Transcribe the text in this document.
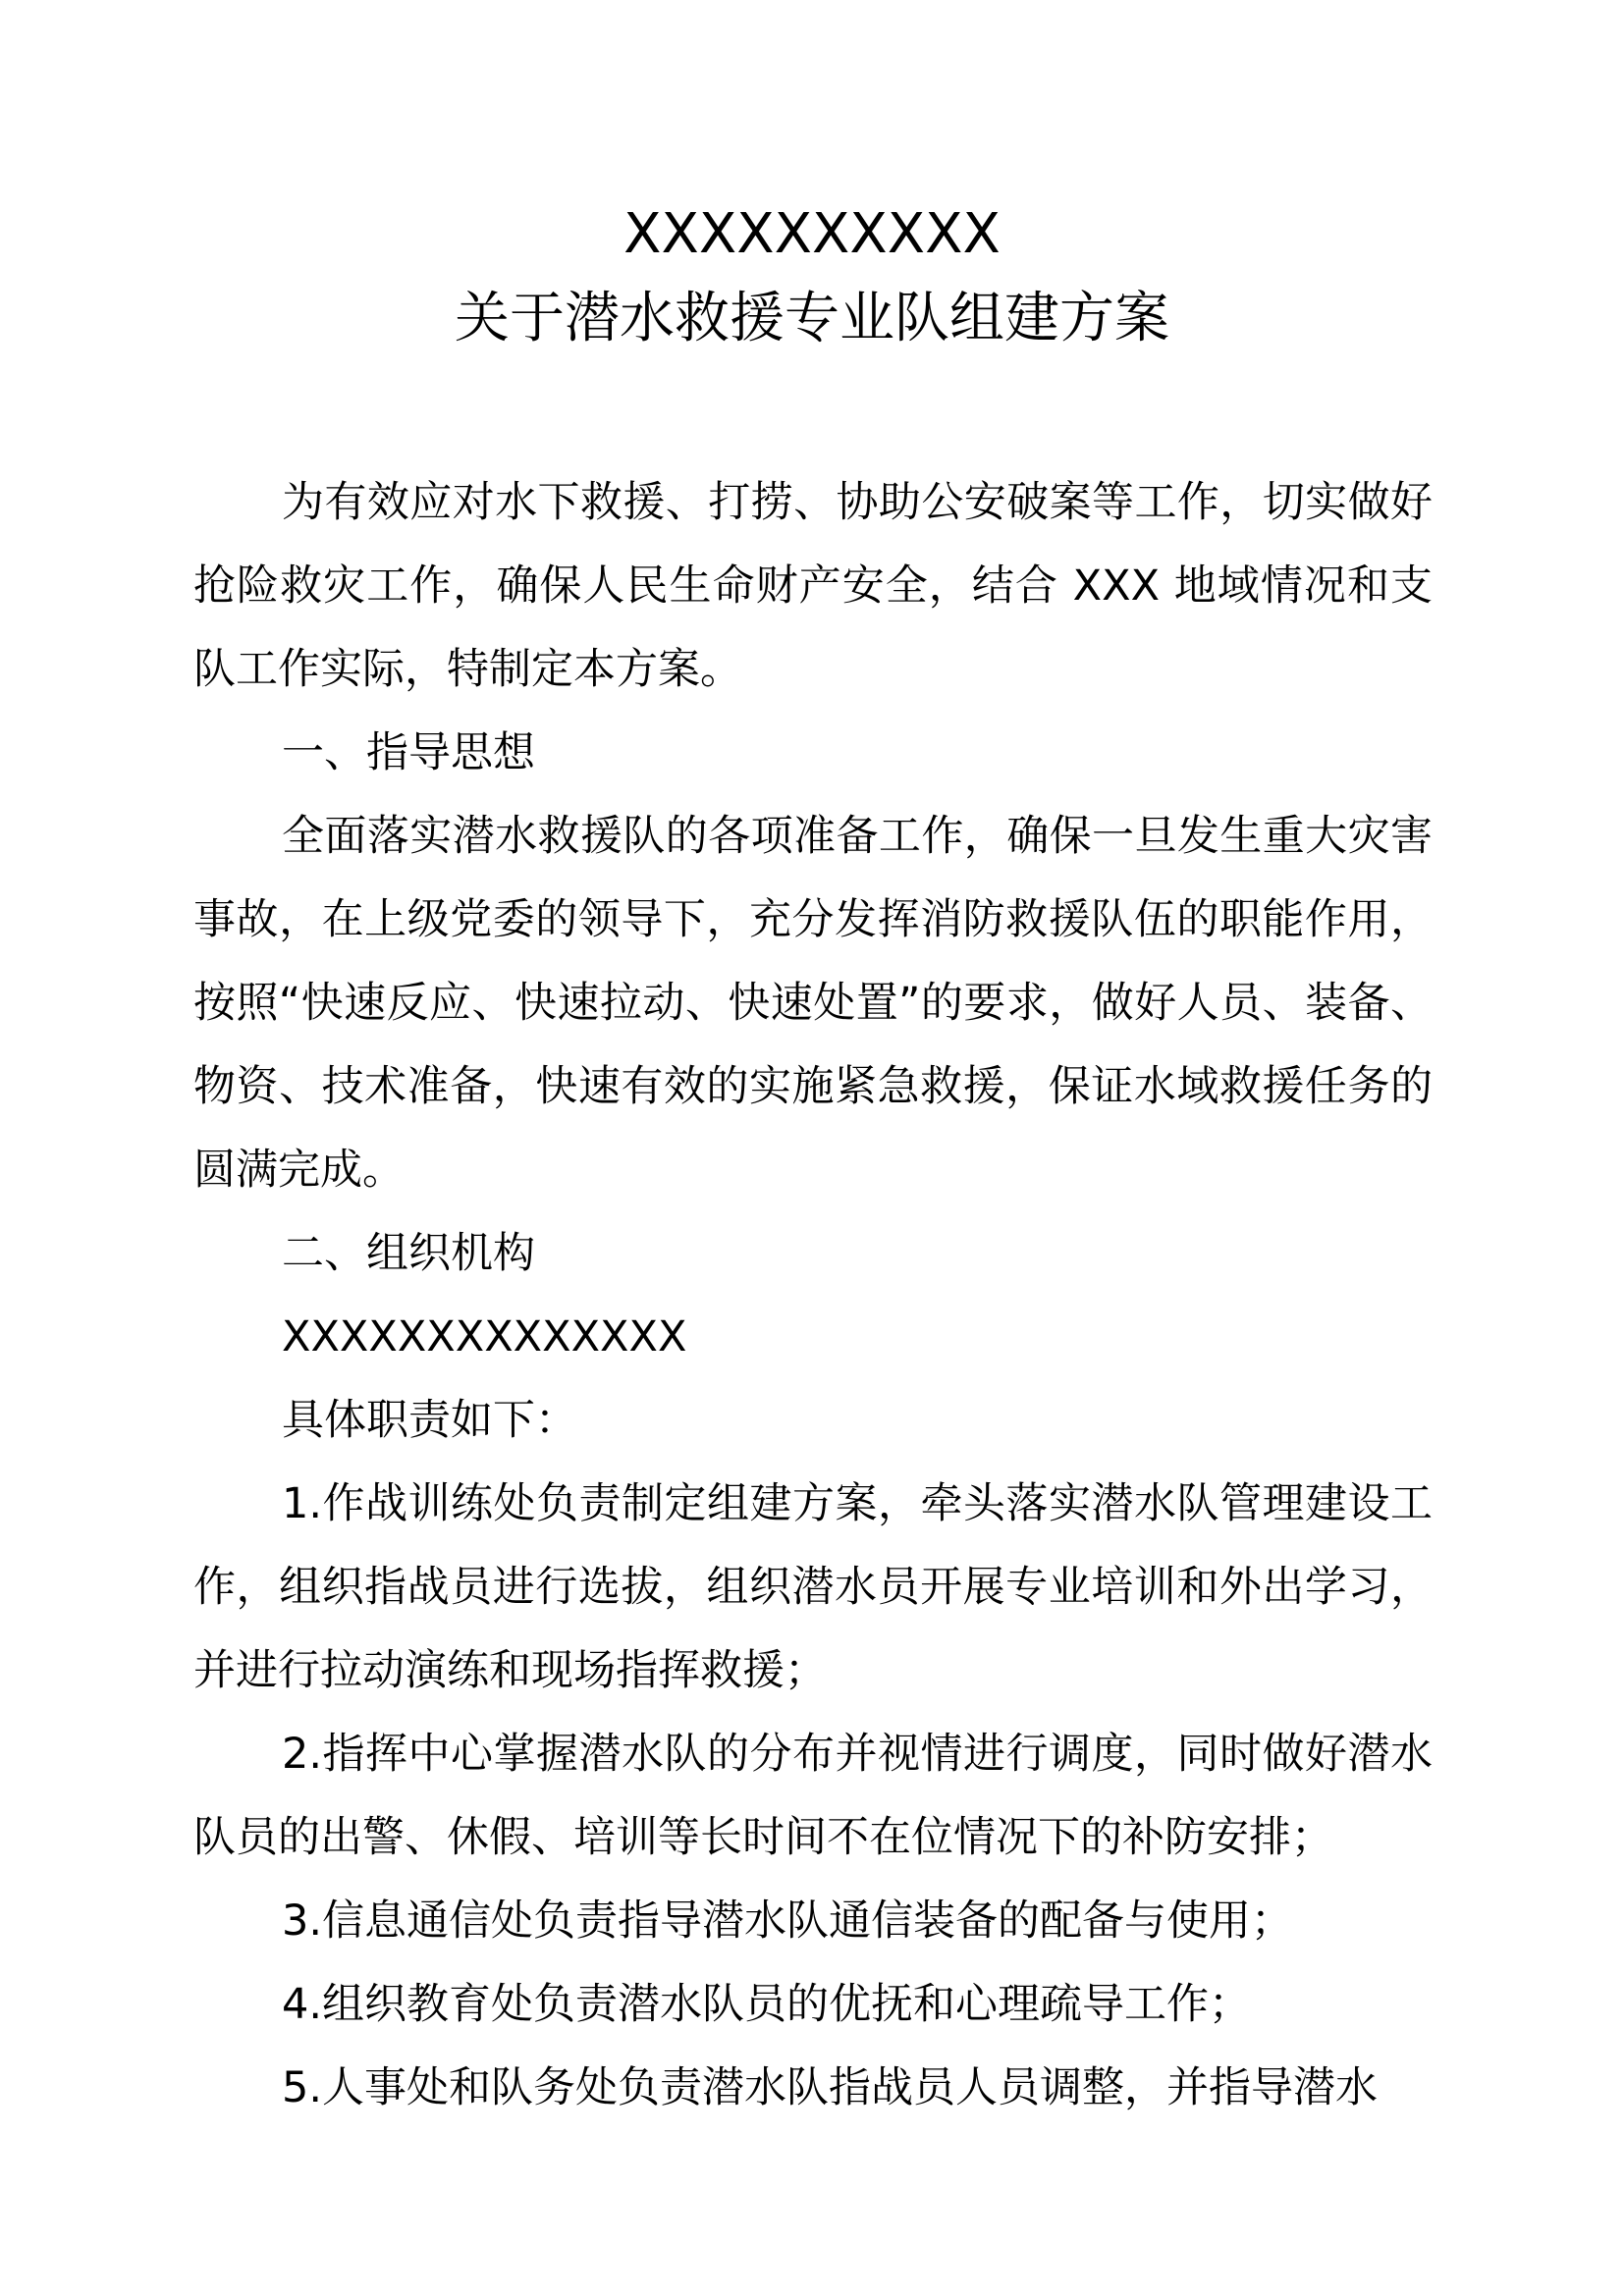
XXXXXXXXXX
关于潜水救援专业队组建方案

为有效应对水下救援、打捞、协助公安破案等工作，切实做好抢险救灾工作，确保人民生命财产安全，结合 XXX 地域情况和支队工作实际，特制定本方案。

一、指导思想

全面落实潜水救援队的各项准备工作，确保一旦发生重大灾害事故，在上级党委的领导下，充分发挥消防救援队伍的职能作用，按照“快速反应、快速拉动、快速处置”的要求，做好人员、装备、物资、技术准备，快速有效的实施紧急救援，保证水域救援任务的圆满完成。

二、组织机构

XXXXXXXXXXXXXX

具体职责如下：

1.作战训练处负责制定组建方案，牵头落实潜水队管理建设工作，组织指战员进行选拔，组织潜水员开展专业培训和外出学习，并进行拉动演练和现场指挥救援；

2.指挥中心掌握潜水队的分布并视情进行调度，同时做好潜水队员的出警、休假、培训等长时间不在位情况下的补防安排；

3.信息通信处负责指导潜水队通信装备的配备与使用；

4.组织教育处负责潜水队员的优抚和心理疏导工作；

5.人事处和队务处负责潜水队指战员人员调整，并指导潜水
